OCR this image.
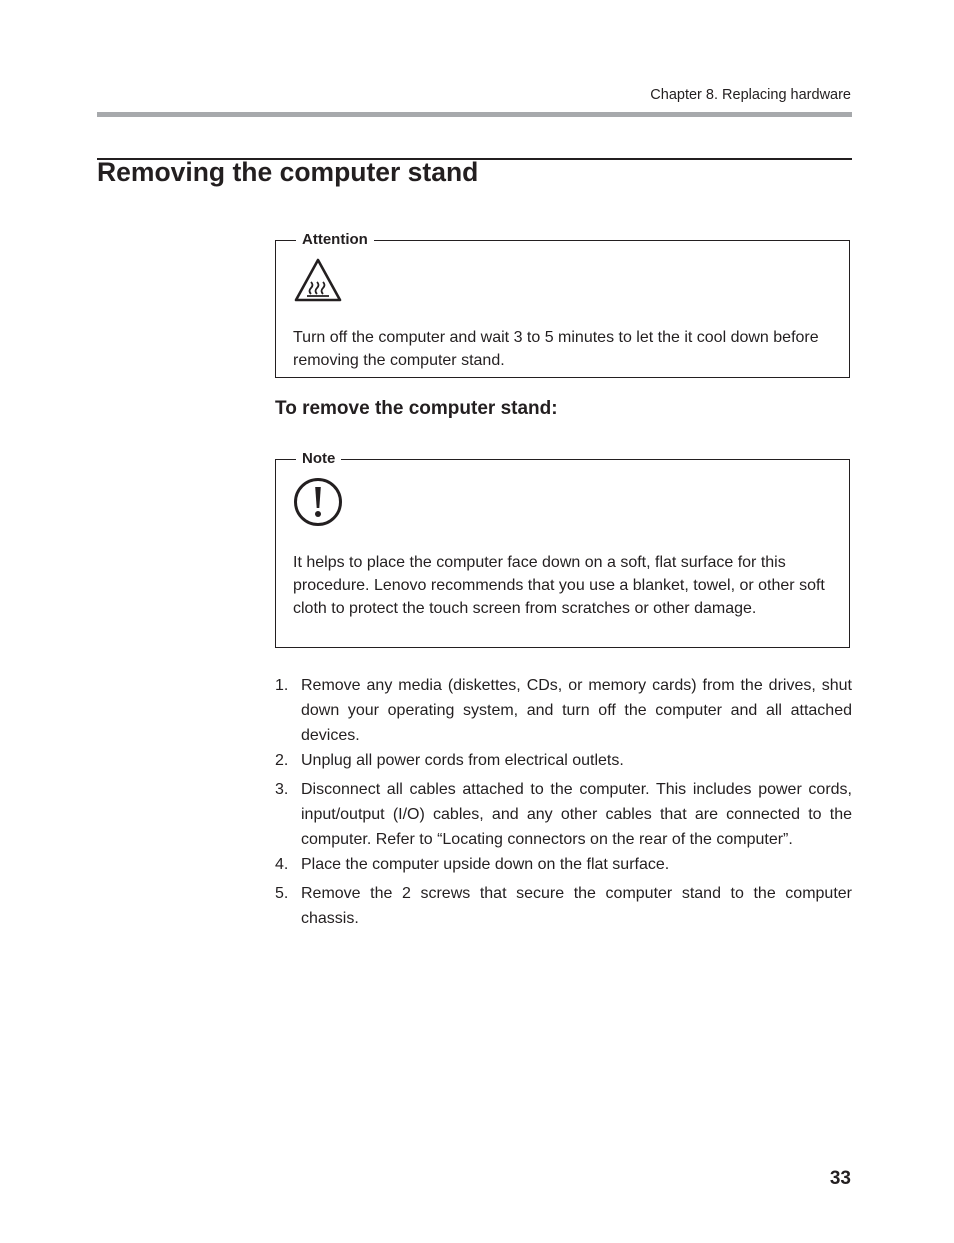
Chapter 8. Replacing hardware
Removing the computer stand
Attention

Turn off the computer and wait 3 to 5 minutes to let the it cool down before removing the computer stand.

To remove the computer stand:
Note

It helps to place the computer face down on a soft, flat surface for this procedure. Lenovo recommends that you use a blanket, towel, or other soft cloth to protect the touch screen from scratches or other damage.

1. Remove any media (diskettes, CDs, or memory cards) from the drives, shut down your operating system, and turn off the computer and all attached devices.
2. Unplug all power cords from electrical outlets.
3. Disconnect all cables attached to the computer. This includes power cords, input/output (I/O) cables, and any other cables that are connected to the computer. Refer to “Locating connectors on the rear of the computer”.
4. Place the computer upside down on the flat surface.
5. Remove the 2 screws that secure the computer stand to the computer chassis.
33
